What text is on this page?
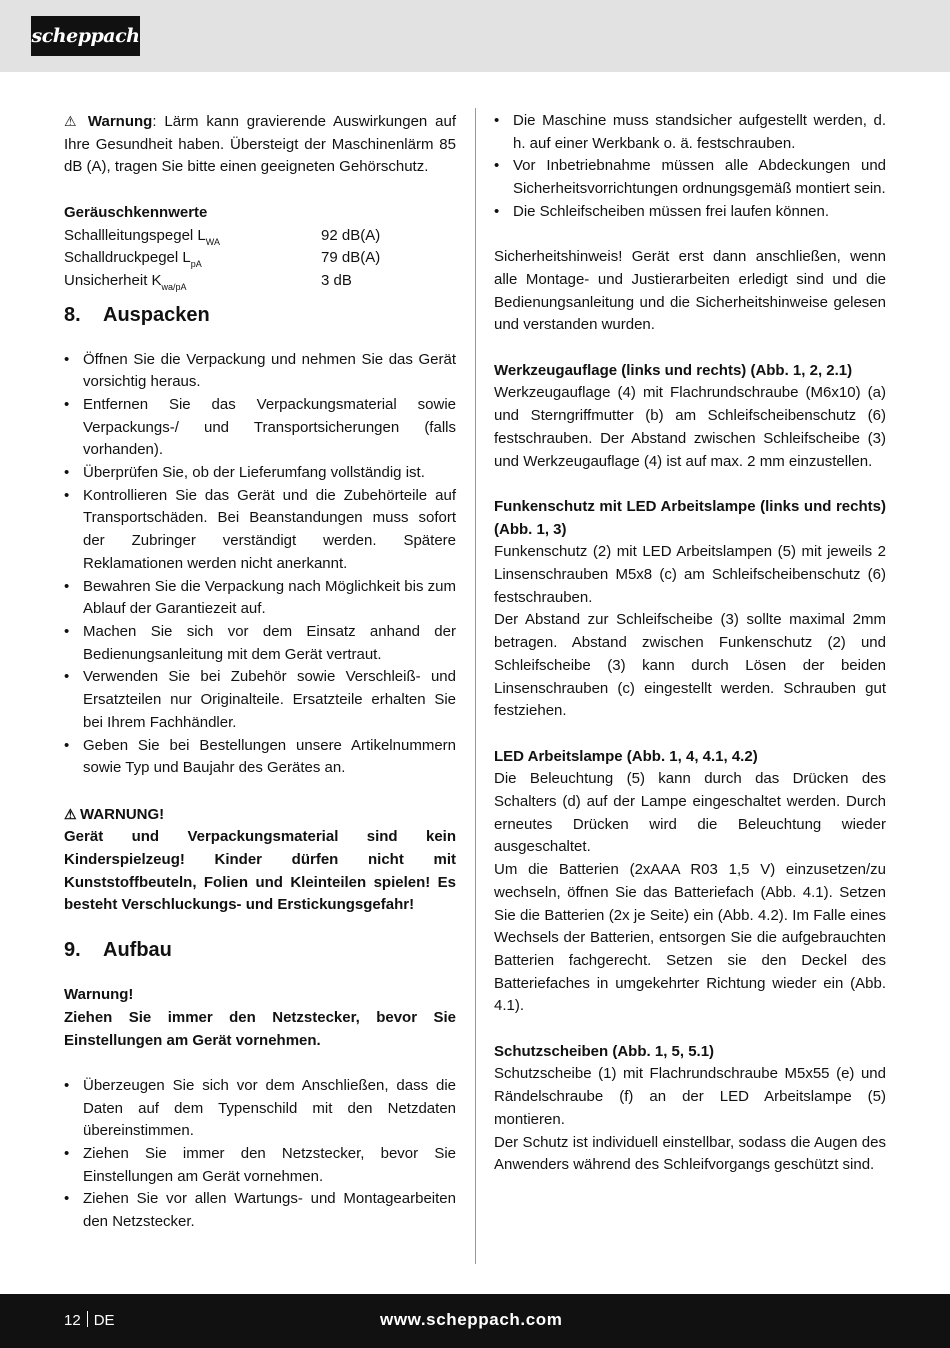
scheppach

⚠ Warnung: Lärm kann gravierende Auswirkungen auf Ihre Gesundheit haben. Übersteigt der Maschinenlärm 85 dB (A), tragen Sie bitte einen geeigneten Gehörschutz.

Geräuschkennwerte

Schallleitungspegel $L_{WA}$	92 dB(A)
Schalldruckpegel $L_{pA}$	79 dB(A)
Unsicherheit $K_{wa/pA}$	3 dB
8. Auspacken
• Öffnen Sie die Verpackung und nehmen Sie das Gerät vorsichtig heraus.
• Entfernen Sie das Verpackungsmaterial sowie Verpackungs-/ und Transportsicherungen (falls vorhanden).
• Überprüfen Sie, ob der Lieferumfang vollständig ist.
• Kontrollieren Sie das Gerät und die Zubehörteile auf Transportschäden. Bei Beanstandungen muss sofort der Zubringer verständigt werden. Spätere Reklamationen werden nicht anerkannt.
• Bewahren Sie die Verpackung nach Möglichkeit bis zum Ablauf der Garantiezeit auf.
• Machen Sie sich vor dem Einsatz anhand der Bedienungsanleitung mit dem Gerät vertraut.
• Verwenden Sie bei Zubehör sowie Verschleiß- und Ersatzteilen nur Originalteile. Ersatzteile erhalten Sie bei Ihrem Fachhändler.
• Geben Sie bei Bestellungen unsere Artikelnummern sowie Typ und Baujahr des Gerätes an.

⚠ WARNUNG!

Gerät und Verpackungsmaterial sind kein Kinderspielzeug! Kinder dürfen nicht mit Kunststoffbeuteln, Folien und Kleinteilen spielen! Es besteht Verschluckungs- und Erstickungsgefahr!

9. Aufbau

Warnung!

Ziehen Sie immer den Netzstecker, bevor Sie Einstellungen am Gerät vornehmen.

• Überzeugen Sie sich vor dem Anschließen, dass die Daten auf dem Typenschild mit den Netzdaten übereinstimmen.
• Ziehen Sie immer den Netzstecker, bevor Sie Einstellungen am Gerät vornehmen.
• Ziehen Sie vor allen Wartungs- und Montagearbeiten den Netzstecker.
• Die Maschine muss standsicher aufgestellt werden, d. h. auf einer Werkbank o. ä. festschrauben.
• Vor Inbetriebnahme müssen alle Abdeckungen und Sicherheitsvorrichtungen ordnungsgemäß montiert sein.
• Die Schleifscheiben müssen frei laufen können.

Sicherheitshinweis! Gerät erst dann anschließen, wenn alle Montage- und Justierarbeiten erledigt sind und die Bedienungsanleitung und die Sicherheitshinweise gelesen und verstanden wurden.

Werkzeugauflage (links und rechts) (Abb. 1, 2, 2.1)

Werkzeugauflage (4) mit Flachrundschraube (M6x10) (a) und Sterngriffmutter (b) am Schleifscheibenschutz (6) festschrauben. Der Abstand zwischen Schleifscheibe (3) und Werkzeugauflage (4) ist auf max. 2 mm einzustellen.

Funkenschutz mit LED Arbeitslampe (links und rechts) (Abb. 1, 3)

Funkenschutz (2) mit LED Arbeitslampen (5) mit jeweils 2 Linsenschrauben M5x8 (c) am Schleifscheibenschutz (6) festschrauben.

Der Abstand zur Schleifscheibe (3) sollte maximal 2mm betragen. Abstand zwischen Funkenschutz (2) und Schleifscheibe (3) kann durch Lösen der beiden Linsenschrauben (c) eingestellt werden. Schrauben gut festziehen.

LED Arbeitslampe (Abb. 1, 4, 4.1, 4.2)

Die Beleuchtung (5) kann durch das Drücken des Schalters (d) auf der Lampe eingeschaltet werden. Durch erneutes Drücken wird die Beleuchtung wieder ausgeschaltet.

Um die Batterien (2xAAA R03 1,5 V) einzusetzen/zu wechseln, öffnen Sie das Batteriefach (Abb. 4.1). Setzen Sie die Batterien (2x je Seite) ein (Abb. 4.2). Im Falle eines Wechsels der Batterien, entsorgen Sie die aufgebrauchten Batterien fachgerecht. Setzen sie den Deckel des Batteriefaches in umgekehrter Richtung wieder ein (Abb. 4.1).

Schutzscheiben (Abb. 1, 5, 5.1)

Schutzscheibe (1) mit Flachrundschraube M5x55 (e) und Rändelschraube (f) an der LED Arbeitslampe (5) montieren.

Der Schutz ist individuell einstellbar, sodass die Augen des Anwenders während des Schleifvorgangs geschützt sind.

12 DE	www.scheppach.com
